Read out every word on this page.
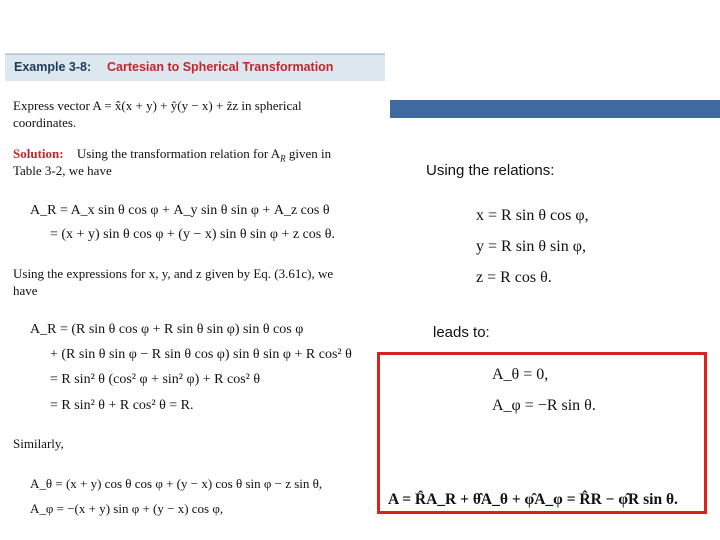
Example 3-8: Cartesian to Spherical Transformation
Express vector A = x̂(x + y) + ŷ(y − x) + ẑz in spherical
coordinates.
Solution: Using the transformation relation for $A_R$ given in
Table 3-2, we have
A_R = A_x sin θ cos φ + A_y sin θ sin φ + A_z cos θ
= (x + y) sin θ cos φ + (y − x) sin θ sin φ + z cos θ.
Using the expressions for x, y, and z given by Eq. (3.61c), we
have
A_R = (R sin θ cos φ + R sin θ sin φ) sin θ cos φ
+ (R sin θ sin φ − R sin θ cos φ) sin θ sin φ + R cos² θ
= R sin² θ (cos² φ + sin² φ) + R cos² θ
= R sin² θ + R cos² θ = R.
Similarly,
A_θ = (x + y) cos θ cos φ + (y − x) cos θ sin φ − z sin θ,
A_φ = −(x + y) sin φ + (y − x) cos φ,
Using the relations:
x = R sin θ cos φ,
y = R sin θ sin φ,
z = R cos θ.
leads to:
A_θ = 0,
A_φ = −R sin θ.
A = R̂A_R + θ̂A_θ + φ̂A_φ = R̂R − φ̂R sin θ.
